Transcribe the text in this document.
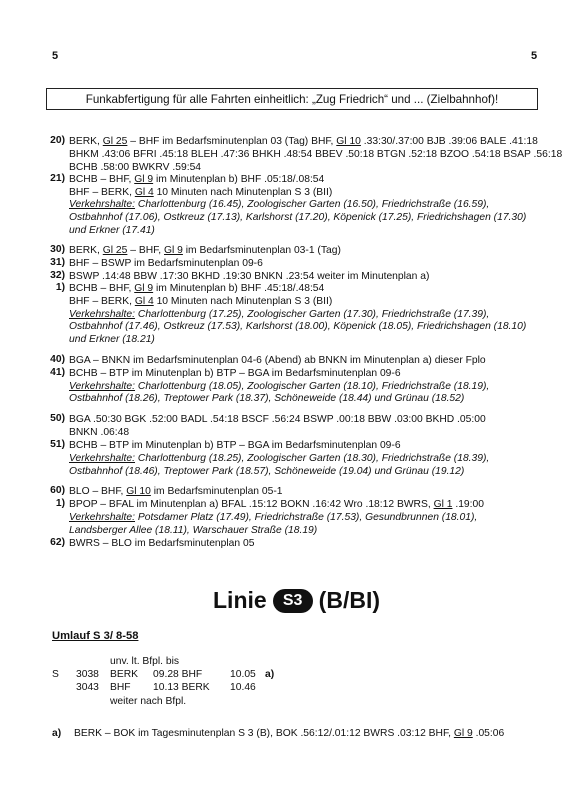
5	5
Funkabfertigung für alle Fahrten einheitlich: „Zug Friedrich“ und ... (Zielbahnhof)!
20) BERK, Gl 25 – BHF im Bedarfsminutenplan 03 (Tag) BHF, Gl 10 .33:30/.37:00 BJB .39:06 BALE .41:18
BHKM .43:06 BFRI .45:18 BLEH .47:36 BHKH .48:54 BBEV .50:18 BTGN .52:18 BZOO .54:18 BSAP .56:18
BCHB .58:00 BWKRV .59:54
21) BCHB – BHF, Gl 9 im Minutenplan b) BHF .05:18/.08:54
BHF – BERK, Gl 4 10 Minuten nach Minutenplan S 3 (BII)
Verkehrshalte: Charlottenburg (16.45), Zoologischer Garten (16.50), Friedrichstraße (16.59),
Ostbahnhof (17.06), Ostkreuz (17.13), Karlshorst (17.20), Köpenick (17.25), Friedrichshagen (17.30)
und Erkner (17.41)
30) BERK, Gl 25 – BHF, Gl 9 im Bedarfsminutenplan 03-1 (Tag)
31) BHF – BSWP im Bedarfsminutenplan 09-6
32) BSWP .14:48 BBW .17:30 BKHD .19:30 BNKN .23:54 weiter im Minutenplan a)
1) BCHB – BHF, Gl 9 im Minutenplan b) BHF .45:18/.48:54
BHF – BERK, Gl 4 10 Minuten nach Minutenplan S 3 (BII)
Verkehrshalte: Charlottenburg (17.25), Zoologischer Garten (17.30), Friedrichstraße (17.39),
Ostbahnhof (17.46), Ostkreuz (17.53), Karlshorst (18.00), Köpenick (18.05), Friedrichshagen (18.10)
und Erkner (18.21)
40) BGA – BNKN im Bedarfsminutenplan 04-6 (Abend) ab BNKN im Minutenplan a) dieser Fplo
41) BCHB – BTP im Minutenplan b) BTP – BGA im Bedarfsminutenplan 09-6
Verkehrshalte: Charlottenburg (18.05), Zoologischer Garten (18.10), Friedrichstraße (18.19),
Ostbahnhof (18.26), Treptower Park (18.37), Schöneweide (18.44) und Grünau (18.52)
50) BGA .50:30 BGK .52:00 BADL .54:18 BSCF .56:24 BSWP .00:18 BBW .03:00 BKHD .05:00
BNKN .06:48
51) BCHB – BTP im Minutenplan b) BTP – BGA im Bedarfsminutenplan 09-6
Verkehrshalte: Charlottenburg (18.25), Zoologischer Garten (18.30), Friedrichstraße (18.39),
Ostbahnhof (18.46), Treptower Park (18.57), Schöneweide (19.04) und Grünau (19.12)
60) BLO – BHF, Gl 10 im Bedarfsminutenplan 05-1
1) BPOP – BFAL im Minutenplan a) BFAL .15:12 BOKN .16:42 Wro .18:12 BWRS, Gl 1 .19:00
Verkehrshalte: Potsdamer Platz (17.49), Friedrichstraße (17.53), Gesundbrunnen (18.01),
Landsberger Allee (18.11), Warschauer Straße (18.19)
62) BWRS – BLO im Bedarfsminutenplan 05
Linie	S3 (B/BI)
Umlauf S 3/ 8-58
unv. lt. Bfpl. bis
S 3038 BERK 09.28 BHF	10.05 a)
3043 BHF 10.13 BERK 10.46
weiter nach Bfpl.
a) BERK – BOK im Tagesminutenplan S 3 (B), BOK .56:12/.01:12 BWRS .03:12 BHF, Gl 9 .05:06
